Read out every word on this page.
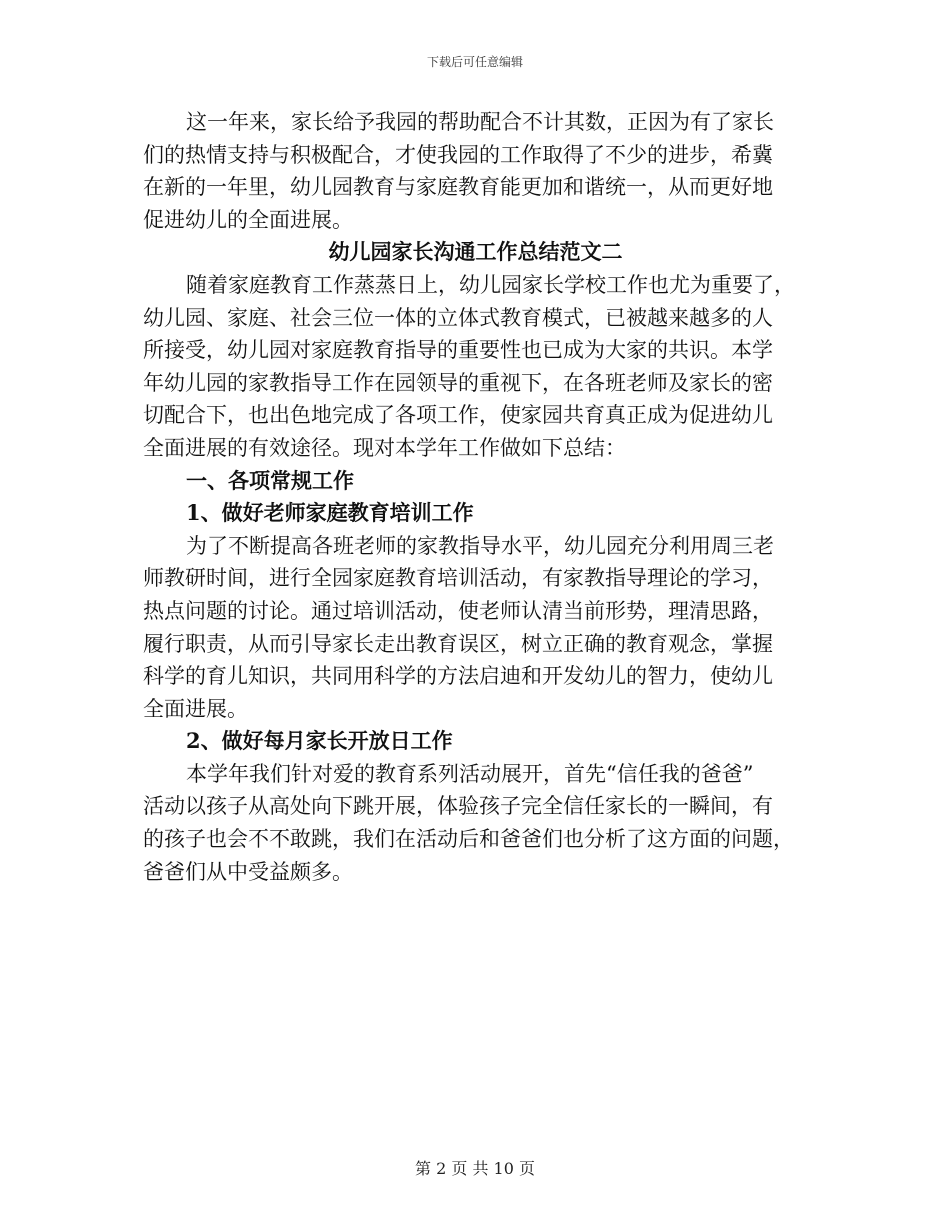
下载后可任意编辑
这一年来，家长给予我园的帮助配合不计其数，正因为有了家长
们的热情支持与积极配合，才使我园的工作取得了不少的进步，希冀
在新的一年里，幼儿园教育与家庭教育能更加和谐统一，从而更好地
促进幼儿的全面进展。
幼儿园家长沟通工作总结范文二
随着家庭教育工作蒸蒸日上，幼儿园家长学校工作也尤为重要了，
幼儿园、家庭、社会三位一体的立体式教育模式，已被越来越多的人
所接受，幼儿园对家庭教育指导的重要性也已成为大家的共识。本学
年幼儿园的家教指导工作在园领导的重视下，在各班老师及家长的密
切配合下，也出色地完成了各项工作，使家园共育真正成为促进幼儿
全面进展的有效途径。现对本学年工作做如下总结：
一、各项常规工作
1、做好老师家庭教育培训工作
为了不断提高各班老师的家教指导水平，幼儿园充分利用周三老
师教研时间，进行全园家庭教育培训活动，有家教指导理论的学习，
热点问题的讨论。通过培训活动，使老师认清当前形势，理清思路，
履行职责，从而引导家长走出教育误区，树立正确的教育观念，掌握
科学的育儿知识，共同用科学的方法启迪和开发幼儿的智力，使幼儿
全面进展。
2、做好每月家长开放日工作
本学年我们针对爱的教育系列活动展开，首先“信任我的爸爸”
活动以孩子从高处向下跳开展，体验孩子完全信任家长的一瞬间，有
的孩子也会不不敢跳，我们在活动后和爸爸们也分析了这方面的问题，
爸爸们从中受益颇多。
第 2 页 共 10 页
